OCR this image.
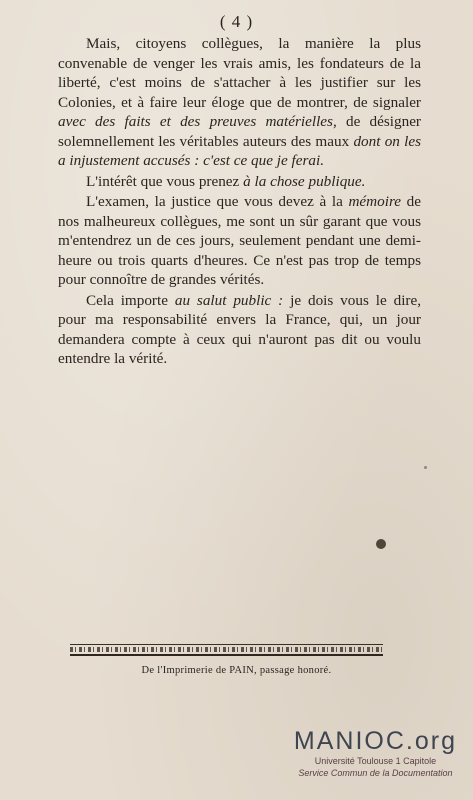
( 4 )

Mais, citoyens collègues, la manière la plus convenable de venger les vrais amis, les fondateurs de la liberté, c'est moins de s'attacher à les justifier sur les Colonies, et à faire leur éloge que de montrer, de signaler avec des faits et des preuves matérielles, de désigner solemnellement les véritables auteurs des maux dont on les a injustement accusés : c'est ce que je ferai.

L'intérêt que vous prenez à la chose publique.

L'examen, la justice que vous devez à la mémoire de nos malheureux collègues, me sont un sûr garant que vous m'entendrez un de ces jours, seulement pendant une demi-heure ou trois quarts d'heures. Ce n'est pas trop de temps pour connoître de grandes vérités.

Cela importe au salut public : je dois vous le dire, pour ma responsabilité envers la France, qui, un jour demandera compte à ceux qui n'auront pas dit ou voulu entendre la vérité.

De l'Imprimerie de PAIN, passage honoré.
MANIOC.org
Université Toulouse 1 Capitole
Service Commun de la Documentation
